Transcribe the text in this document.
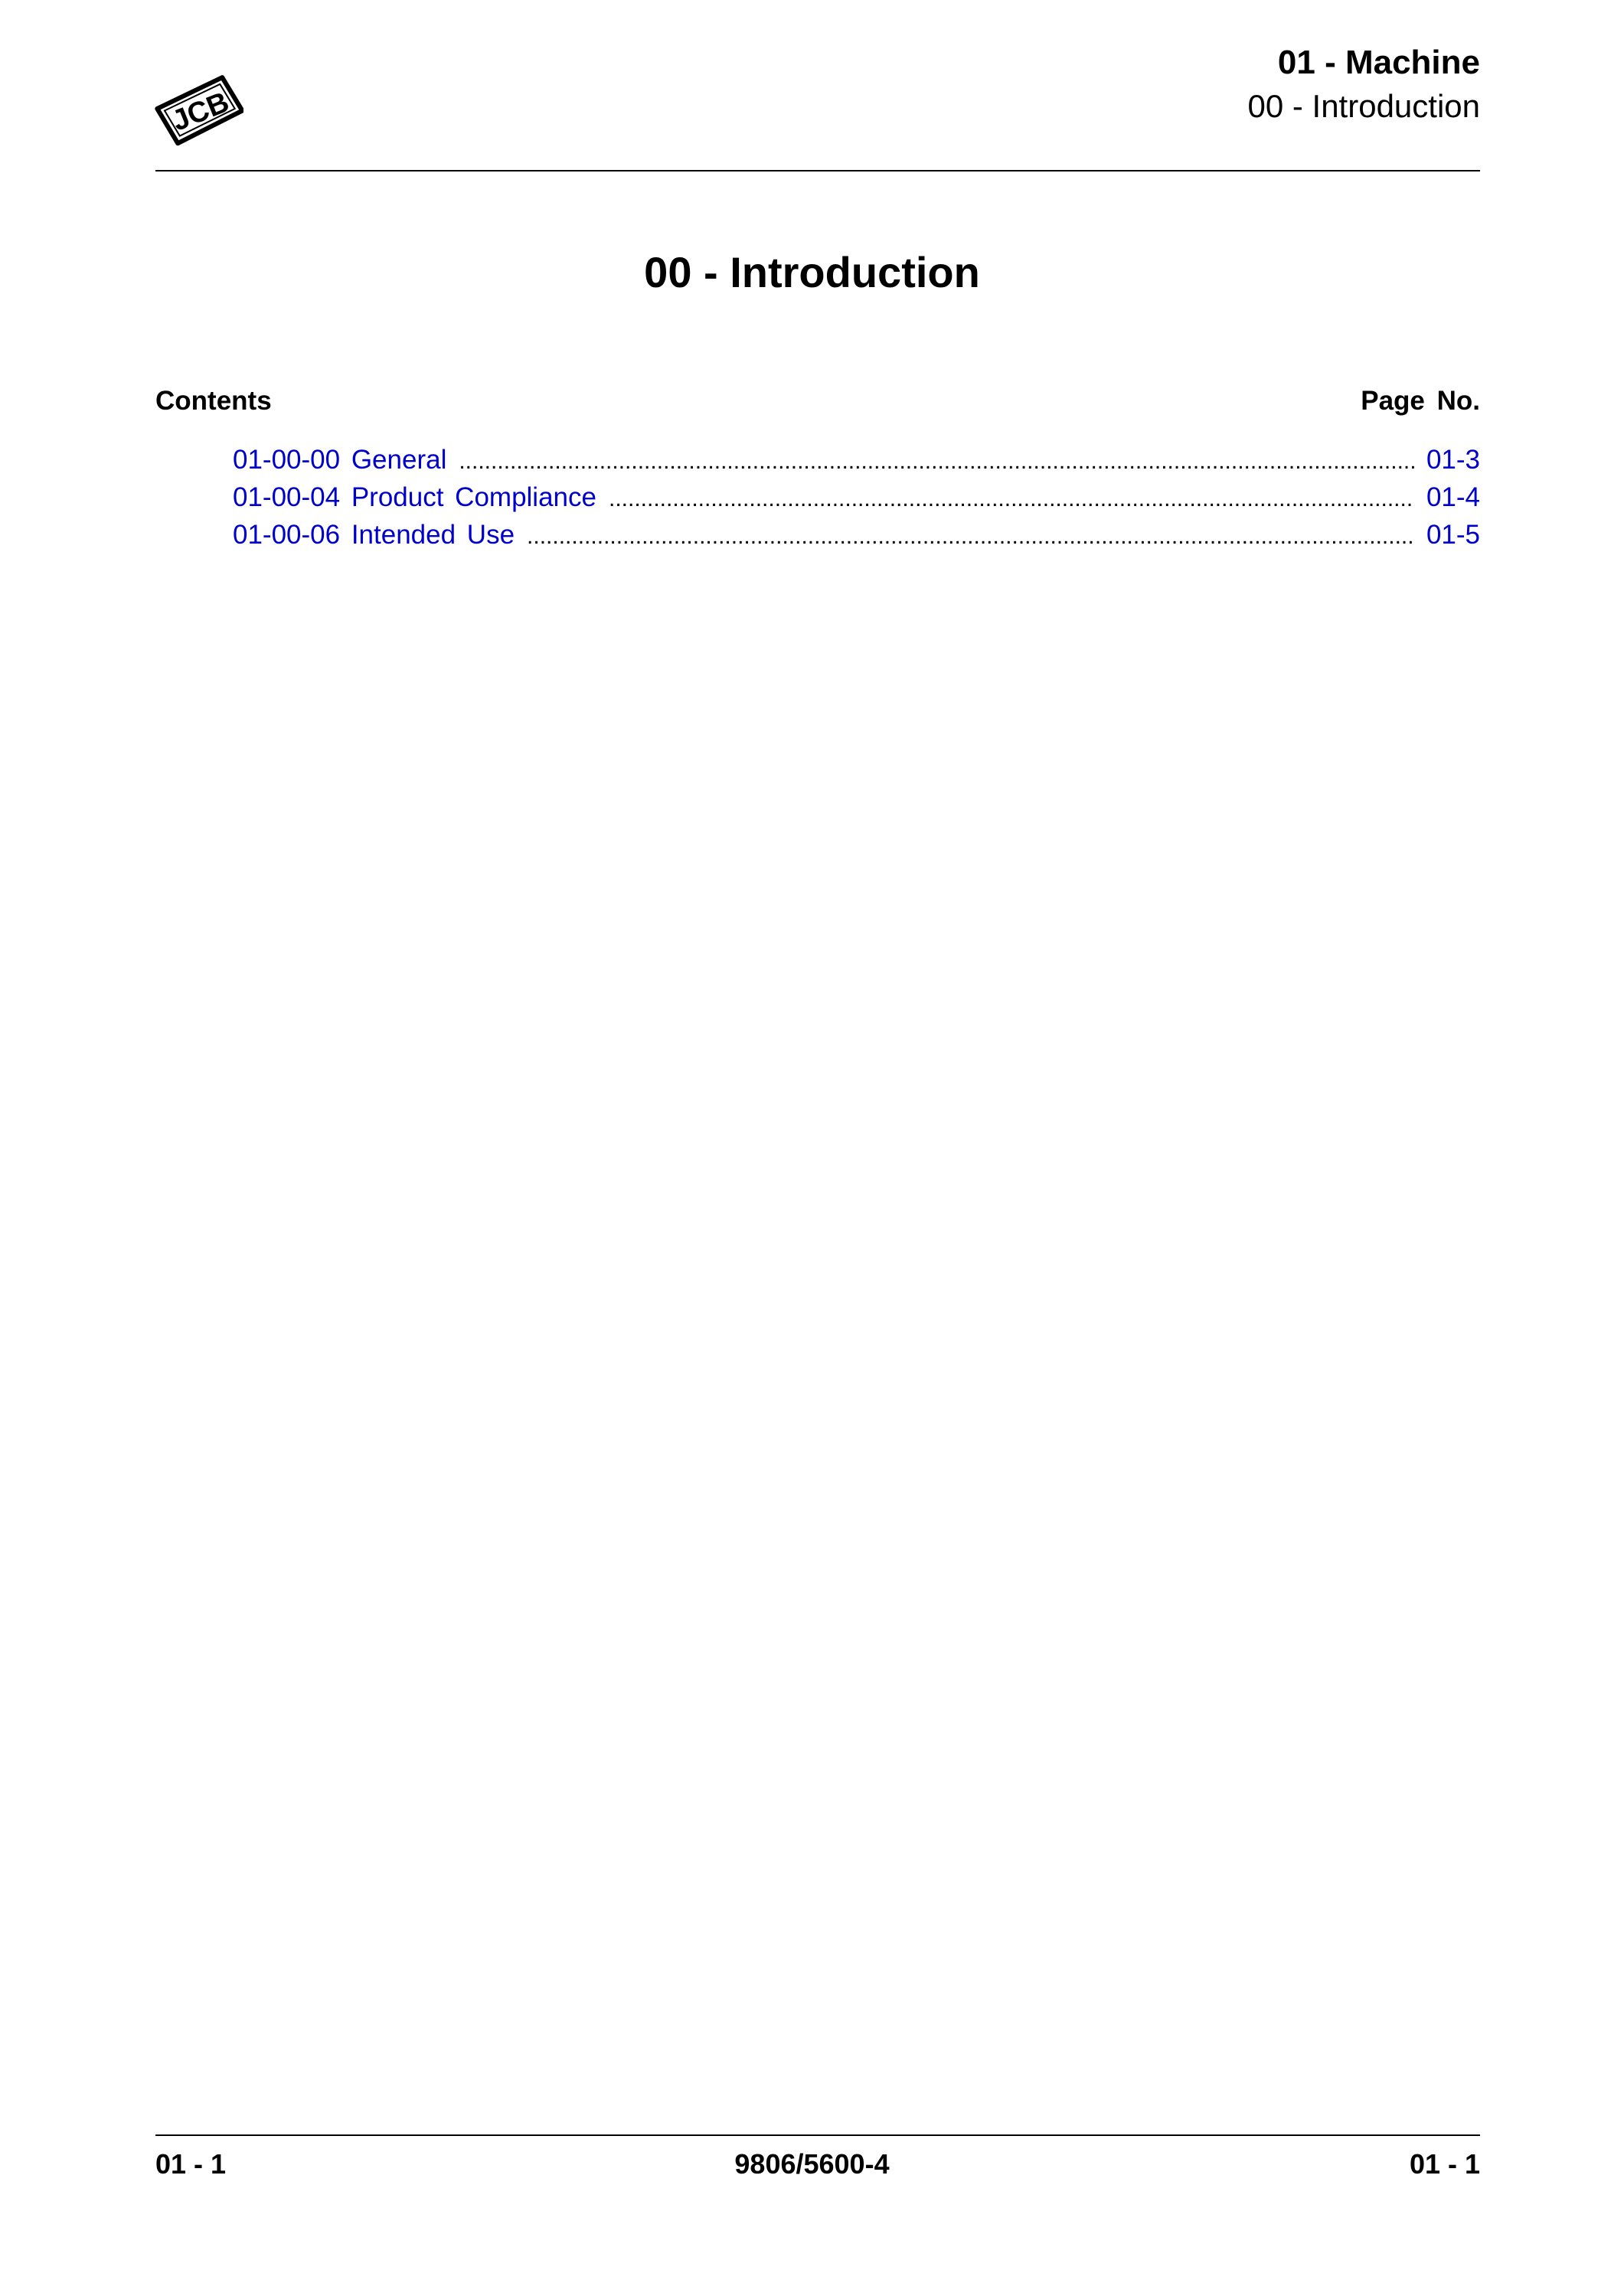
JCB
01 - Machine
00 - Introduction
00 - Introduction
Contents	Page No.
01-00-00 General .....	01-3
01-00-04 Product Compliance .....	01-4
01-00-06 Intended Use .....	01-5
01 - 1	9806/5600-4	01 - 1
